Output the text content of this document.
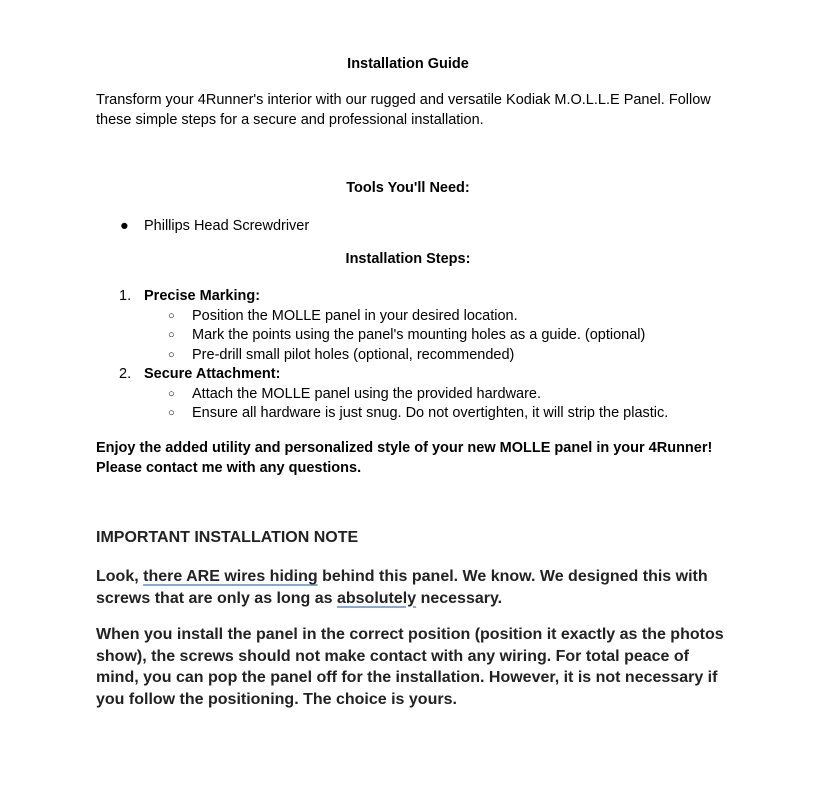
Installation Guide
Transform your 4Runner's interior with our rugged and versatile Kodiak M.O.L.L.E Panel. Follow these simple steps for a secure and professional installation.
Tools You'll Need:
● Phillips Head Screwdriver
Installation Steps:
1. Precise Marking:
○ Position the MOLLE panel in your desired location.
○ Mark the points using the panel's mounting holes as a guide. (optional)
○ Pre-drill small pilot holes (optional, recommended)
2. Secure Attachment:
○ Attach the MOLLE panel using the provided hardware.
○ Ensure all hardware is just snug. Do not overtighten, it will strip the plastic.
Enjoy the added utility and personalized style of your new MOLLE panel in your 4Runner! Please contact me with any questions.
IMPORTANT INSTALLATION NOTE
Look, there ARE wires hiding behind this panel. We know. We designed this with screws that are only as long as absolutely necessary.
When you install the panel in the correct position (position it exactly as the photos show), the screws should not make contact with any wiring. For total peace of mind, you can pop the panel off for the installation. However, it is not necessary if you follow the positioning. The choice is yours.
